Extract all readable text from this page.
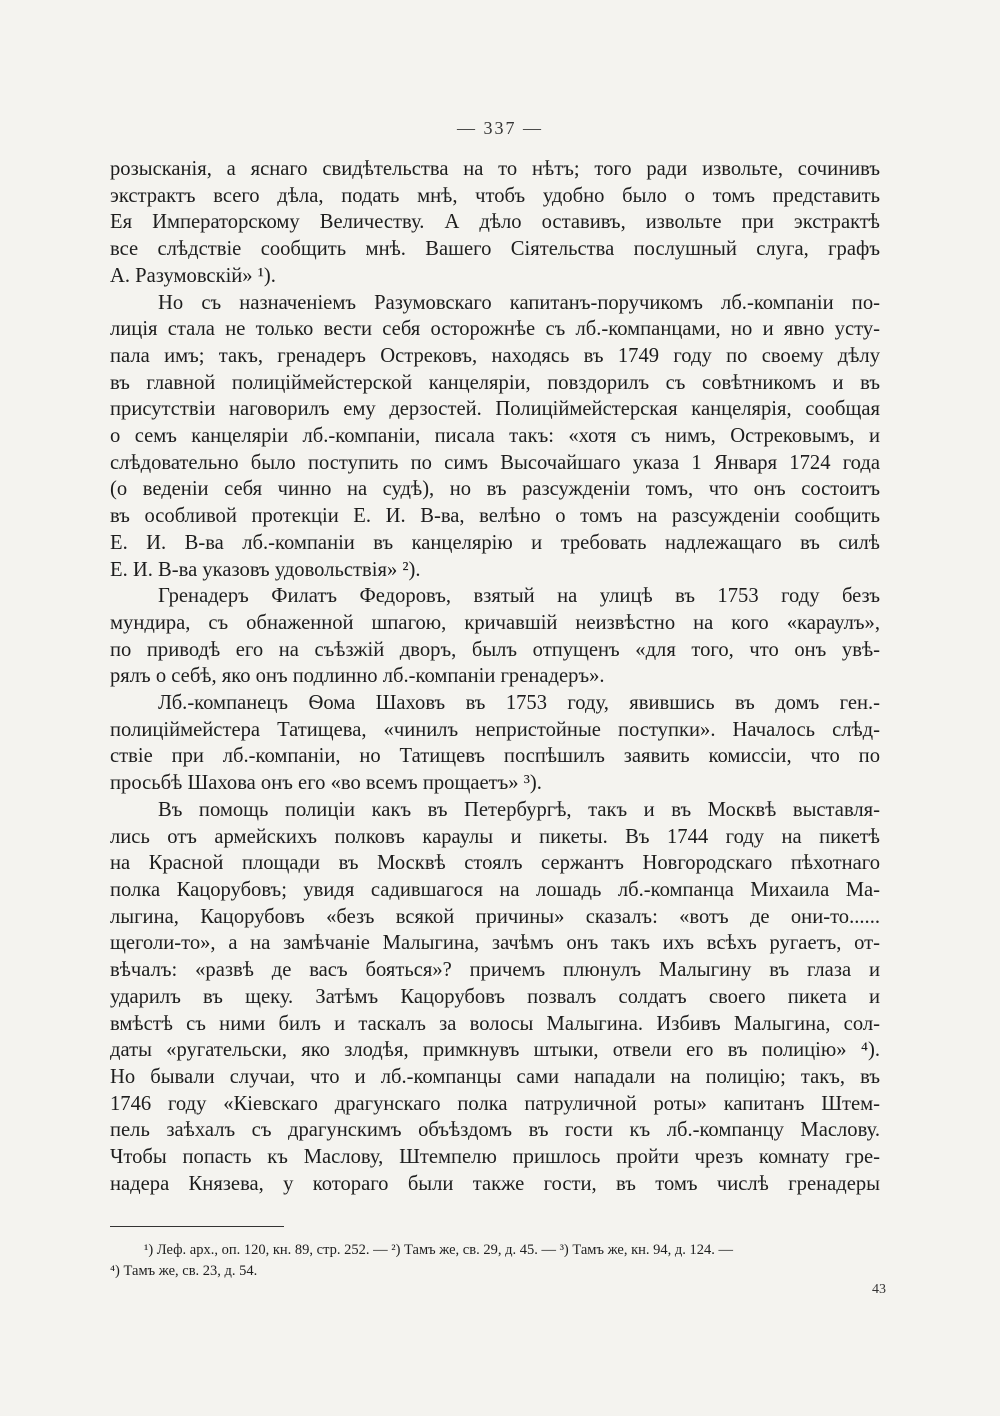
— 337 —
розысканія, а яснаго свидѣтельства на то нѣтъ; того ради извольте, сочинивъ
экстрактъ всего дѣла, подать мнѣ, чтобъ удобно было о томъ представить
Ея Императорскому Величеству. А дѣло оставивъ, извольте при экстрактѣ
все слѣдствіе сообщить мнѣ. Вашего Сіятельства послушный слуга, графъ
А. Разумовскій» ¹).
Но съ назначеніемъ Разумовскаго капитанъ-поручикомъ лб.-компаніи по-
лиція стала не только вести себя осторожнѣе съ лб.-компанцами, но и явно усту-
пала имъ; такъ, гренадеръ Острековъ, находясь въ 1749 году по своему дѣлу
въ главной полиціймейстерской канцеляріи, повздорилъ съ совѣтникомъ и въ
присутствіи наговорилъ ему дерзостей. Полиціймейстерская канцелярія, сообщая
о семъ канцеляріи лб.-компаніи, писала такъ: «хотя съ нимъ, Острековымъ, и
слѣдовательно было поступить по симъ Высочайшаго указа 1 Января 1724 года
(о веденіи себя чинно на судѣ), но въ разсужденіи томъ, что онъ состоитъ
въ особливой протекціи Е. И. В-ва, велѣно о томъ на разсужденіи сообщить
Е. И. В-ва лб.-компаніи въ канцелярію и требовать надлежащаго въ силѣ
Е. И. В-ва указовъ удовольствія» ²).
Гренадеръ Филатъ Федоровъ, взятый на улицѣ въ 1753 году безъ
мундира, съ обнаженной шпагою, кричавшій неизвѣстно на кого «караулъ»,
по приводѣ его на съѣзжій дворъ, былъ отпущенъ «для того, что онъ увѣ-
рялъ о себѣ, яко онъ подлинно лб.-компаніи гренадеръ».
Лб.-компанецъ Ѳома Шаховъ въ 1753 году, явившись въ домъ ген.-
полиціймейстера Татищева, «чинилъ непристойные поступки». Началось слѣд-
ствіе при лб.-компаніи, но Татищевъ поспѣшилъ заявить комиссіи, что по
просьбѣ Шахова онъ его «во всемъ прощаетъ» ³).
Въ помощь полиціи какъ въ Петербургѣ, такъ и въ Москвѣ выставля-
лись отъ армейскихъ полковъ караулы и пикеты. Въ 1744 году на пикетѣ
на Красной площади въ Москвѣ стоялъ сержантъ Новгородскаго пѣхотнаго
полка Кацорубовъ; увидя садившагося на лошадь лб.-компанца Михаила Ма-
лыгина, Кацорубовъ «безъ всякой причины» сказалъ: «вотъ де они-то......
щеголи-то», а на замѣчаніе Малыгина, зачѣмъ онъ такъ ихъ всѣхъ ругаетъ, от-
вѣчалъ: «развѣ де васъ бояться»? причемъ плюнулъ Малыгину въ глаза и
ударилъ въ щеку. Затѣмъ Кацорубовъ позвалъ солдатъ своего пикета и
вмѣстѣ съ ними билъ и таскалъ за волосы Малыгина. Избивъ Малыгина, сол-
даты «ругательски, яко злодѣя, примкнувъ штыки, отвели его въ полицію» ⁴).
Но бывали случаи, что и лб.-компанцы сами нападали на полицію; такъ, въ
1746 году «Кіевскаго драгунскаго полка патруличной роты» капитанъ Штем-
пель заѣхалъ съ драгунскимъ объѣздомъ въ гости къ лб.-компанцу Маслову.
Чтобы попасть къ Маслову, Штемпелю пришлось пройти чрезъ комнату гре-
надера Князева, у котораго были также гости, въ томъ числѣ гренадеры
¹) Леф. арх., оп. 120, кн. 89, стр. 252. — ²) Тамъ же, св. 29, д. 45. — ³) Тамъ же, кн. 94, д. 124. —
⁴) Тамъ же, св. 23, д. 54.
43
